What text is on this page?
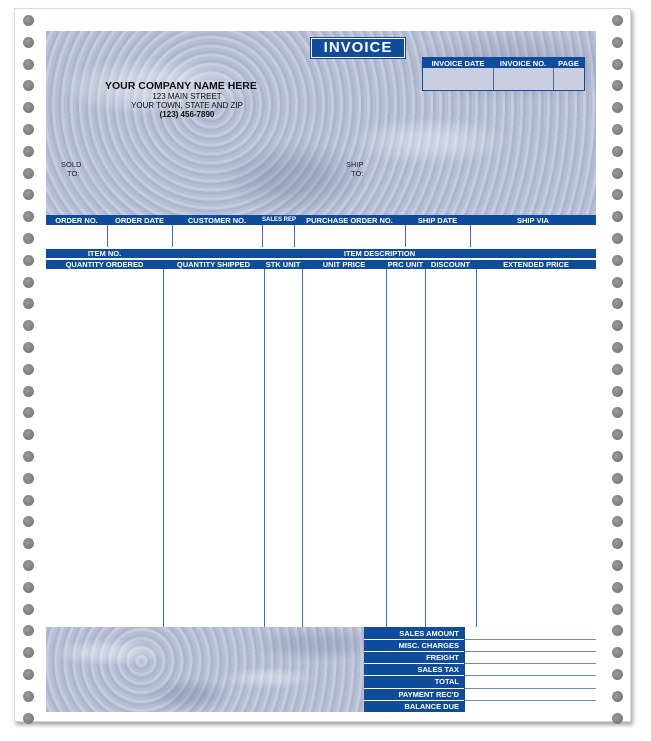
INVOICE
INVOICE DATE	INVOICE NO.	PAGE
YOUR COMPANY NAME HERE
123 MAIN STREET
YOUR TOWN, STATE AND ZIP
(123) 456-7890
SOLD
TO:
SHIP
TO:
ORDER NO.	ORDER DATE	CUSTOMER NO.	SALES REP	PURCHASE ORDER NO.	SHIP DATE	SHIP VIA
ITEM NO.	ITEM DESCRIPTION
QUANTITY ORDERED	QUANTITY SHIPPED	STK UNIT	UNIT PRICE	PRC UNIT	DISCOUNT	EXTENDED PRICE
SALES AMOUNT
MISC. CHARGES
FREIGHT
SALES TAX
TOTAL
PAYMENT REC'D
BALANCE DUE
